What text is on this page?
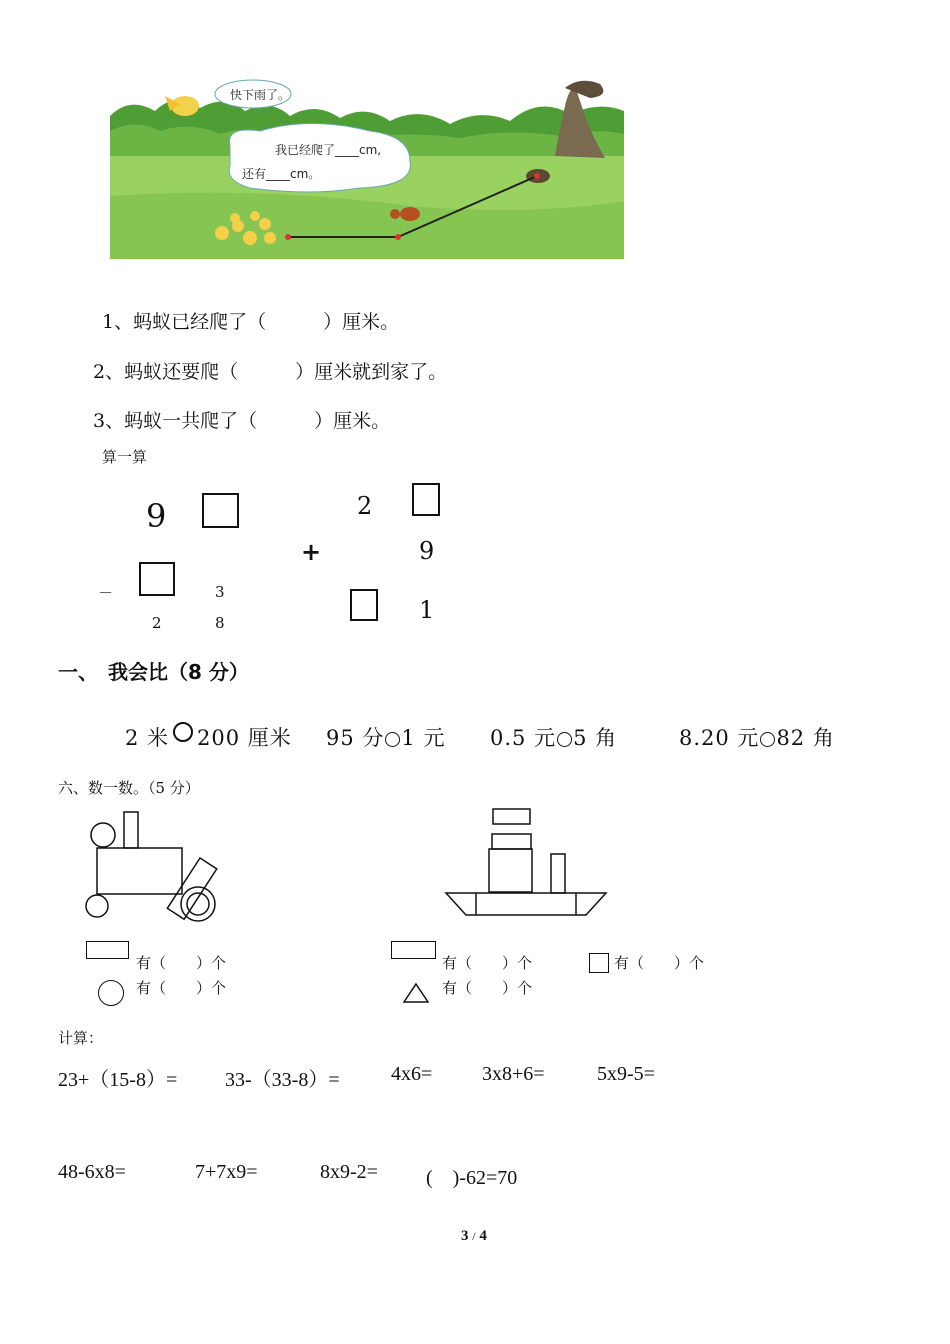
快下雨了。
我已经爬了____cm,
还有____cm。
1、蚂蚁已经爬了（　　　）厘米。
2、蚂蚁还要爬（　　　）厘米就到家了。
3、蚂蚁一共爬了（　　　）厘米。
算一算
9
－	3
2	8
2
+	9
1
一、　我会比（8 分）
2 米 200 厘米 95 分 1 元 0.5 元 5 角	8.20 元 82 角
六、数一数。（5 分）
有（　　）个
有（　　）个
有（　　）个
有（　　）个
有（　　）个
计算：
23+（15-8）= 33-（33-8）=	4x6= 3x8+6=	5x9-5=
48-6x8=	7+7x9=	8x9-2= (　)-62=70
3 / 4
